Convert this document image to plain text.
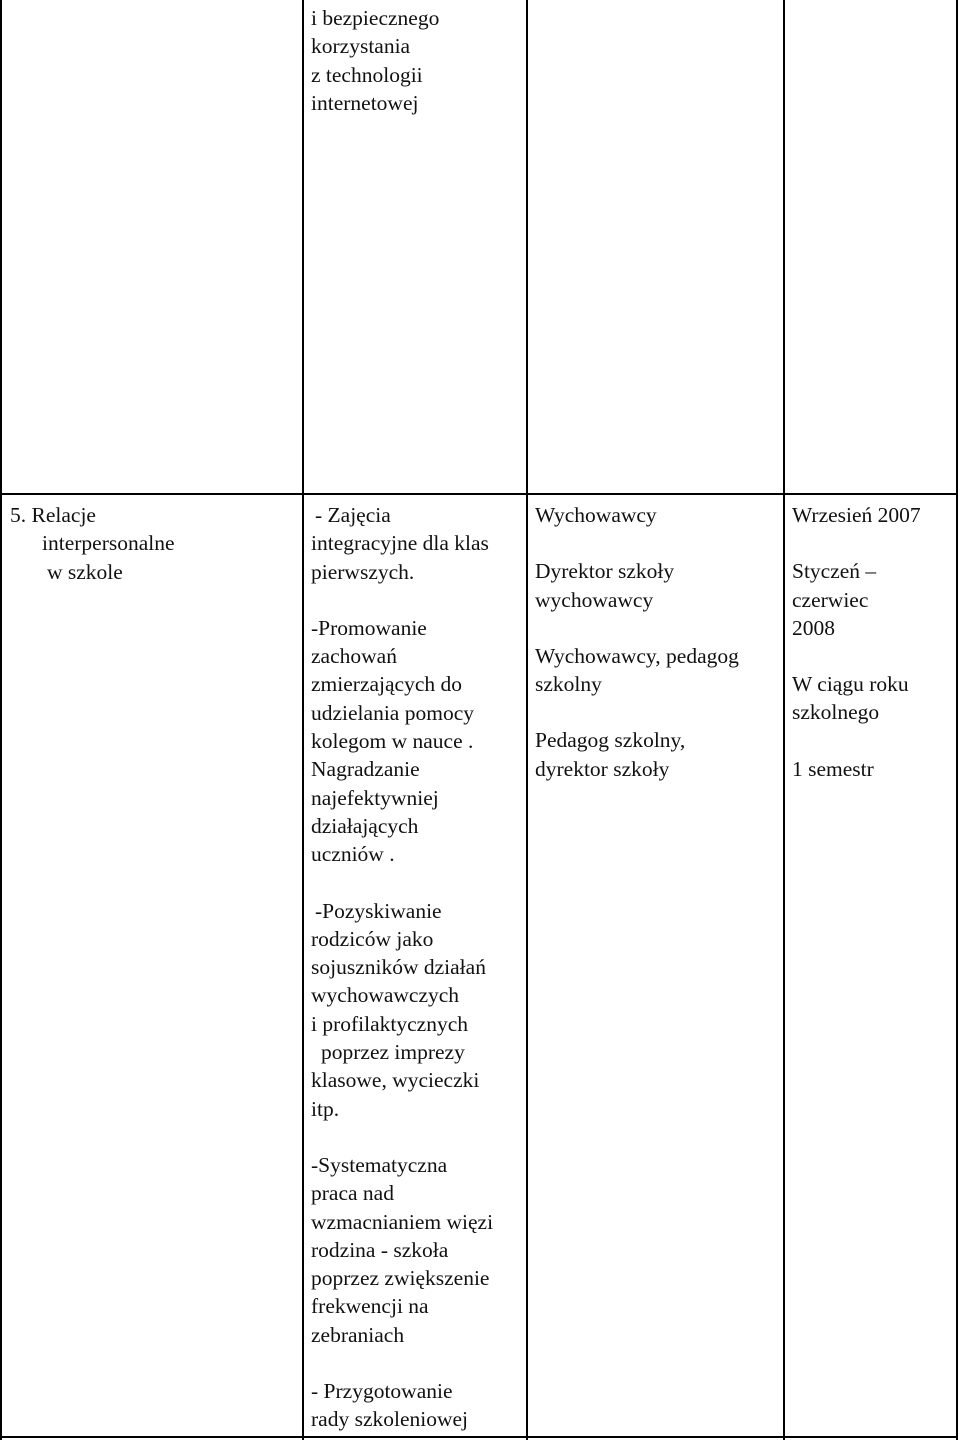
i bezpiecznego

korzystania

z technologii

internetowej

5. Relacje

interpersonalne

w szkole

- Zajęcia

integracyjne dla klas

pierwszych.

-Promowanie

zachowań

zmierzających do

udzielania pomocy

kolegom w nauce .

Nagradzanie

najefektywniej

działających

uczniów .

-Pozyskiwanie

rodziców jako

sojuszników działań

wychowawczych

i profilaktycznych

poprzez imprezy

klasowe, wycieczki

itp.

-Systematyczna

praca nad

wzmacnianiem więzi

rodzina - szkoła

poprzez zwiększenie

frekwencji na

zebraniach

- Przygotowanie

rady szkoleniowej

Wychowawcy

Dyrektor szkoły

wychowawcy

Wychowawcy, pedagog

szkolny

Pedagog szkolny,

dyrektor szkoły

Wrzesień 2007

Styczeń –

czerwiec

2008

W ciągu roku

szkolnego

1 semestr
